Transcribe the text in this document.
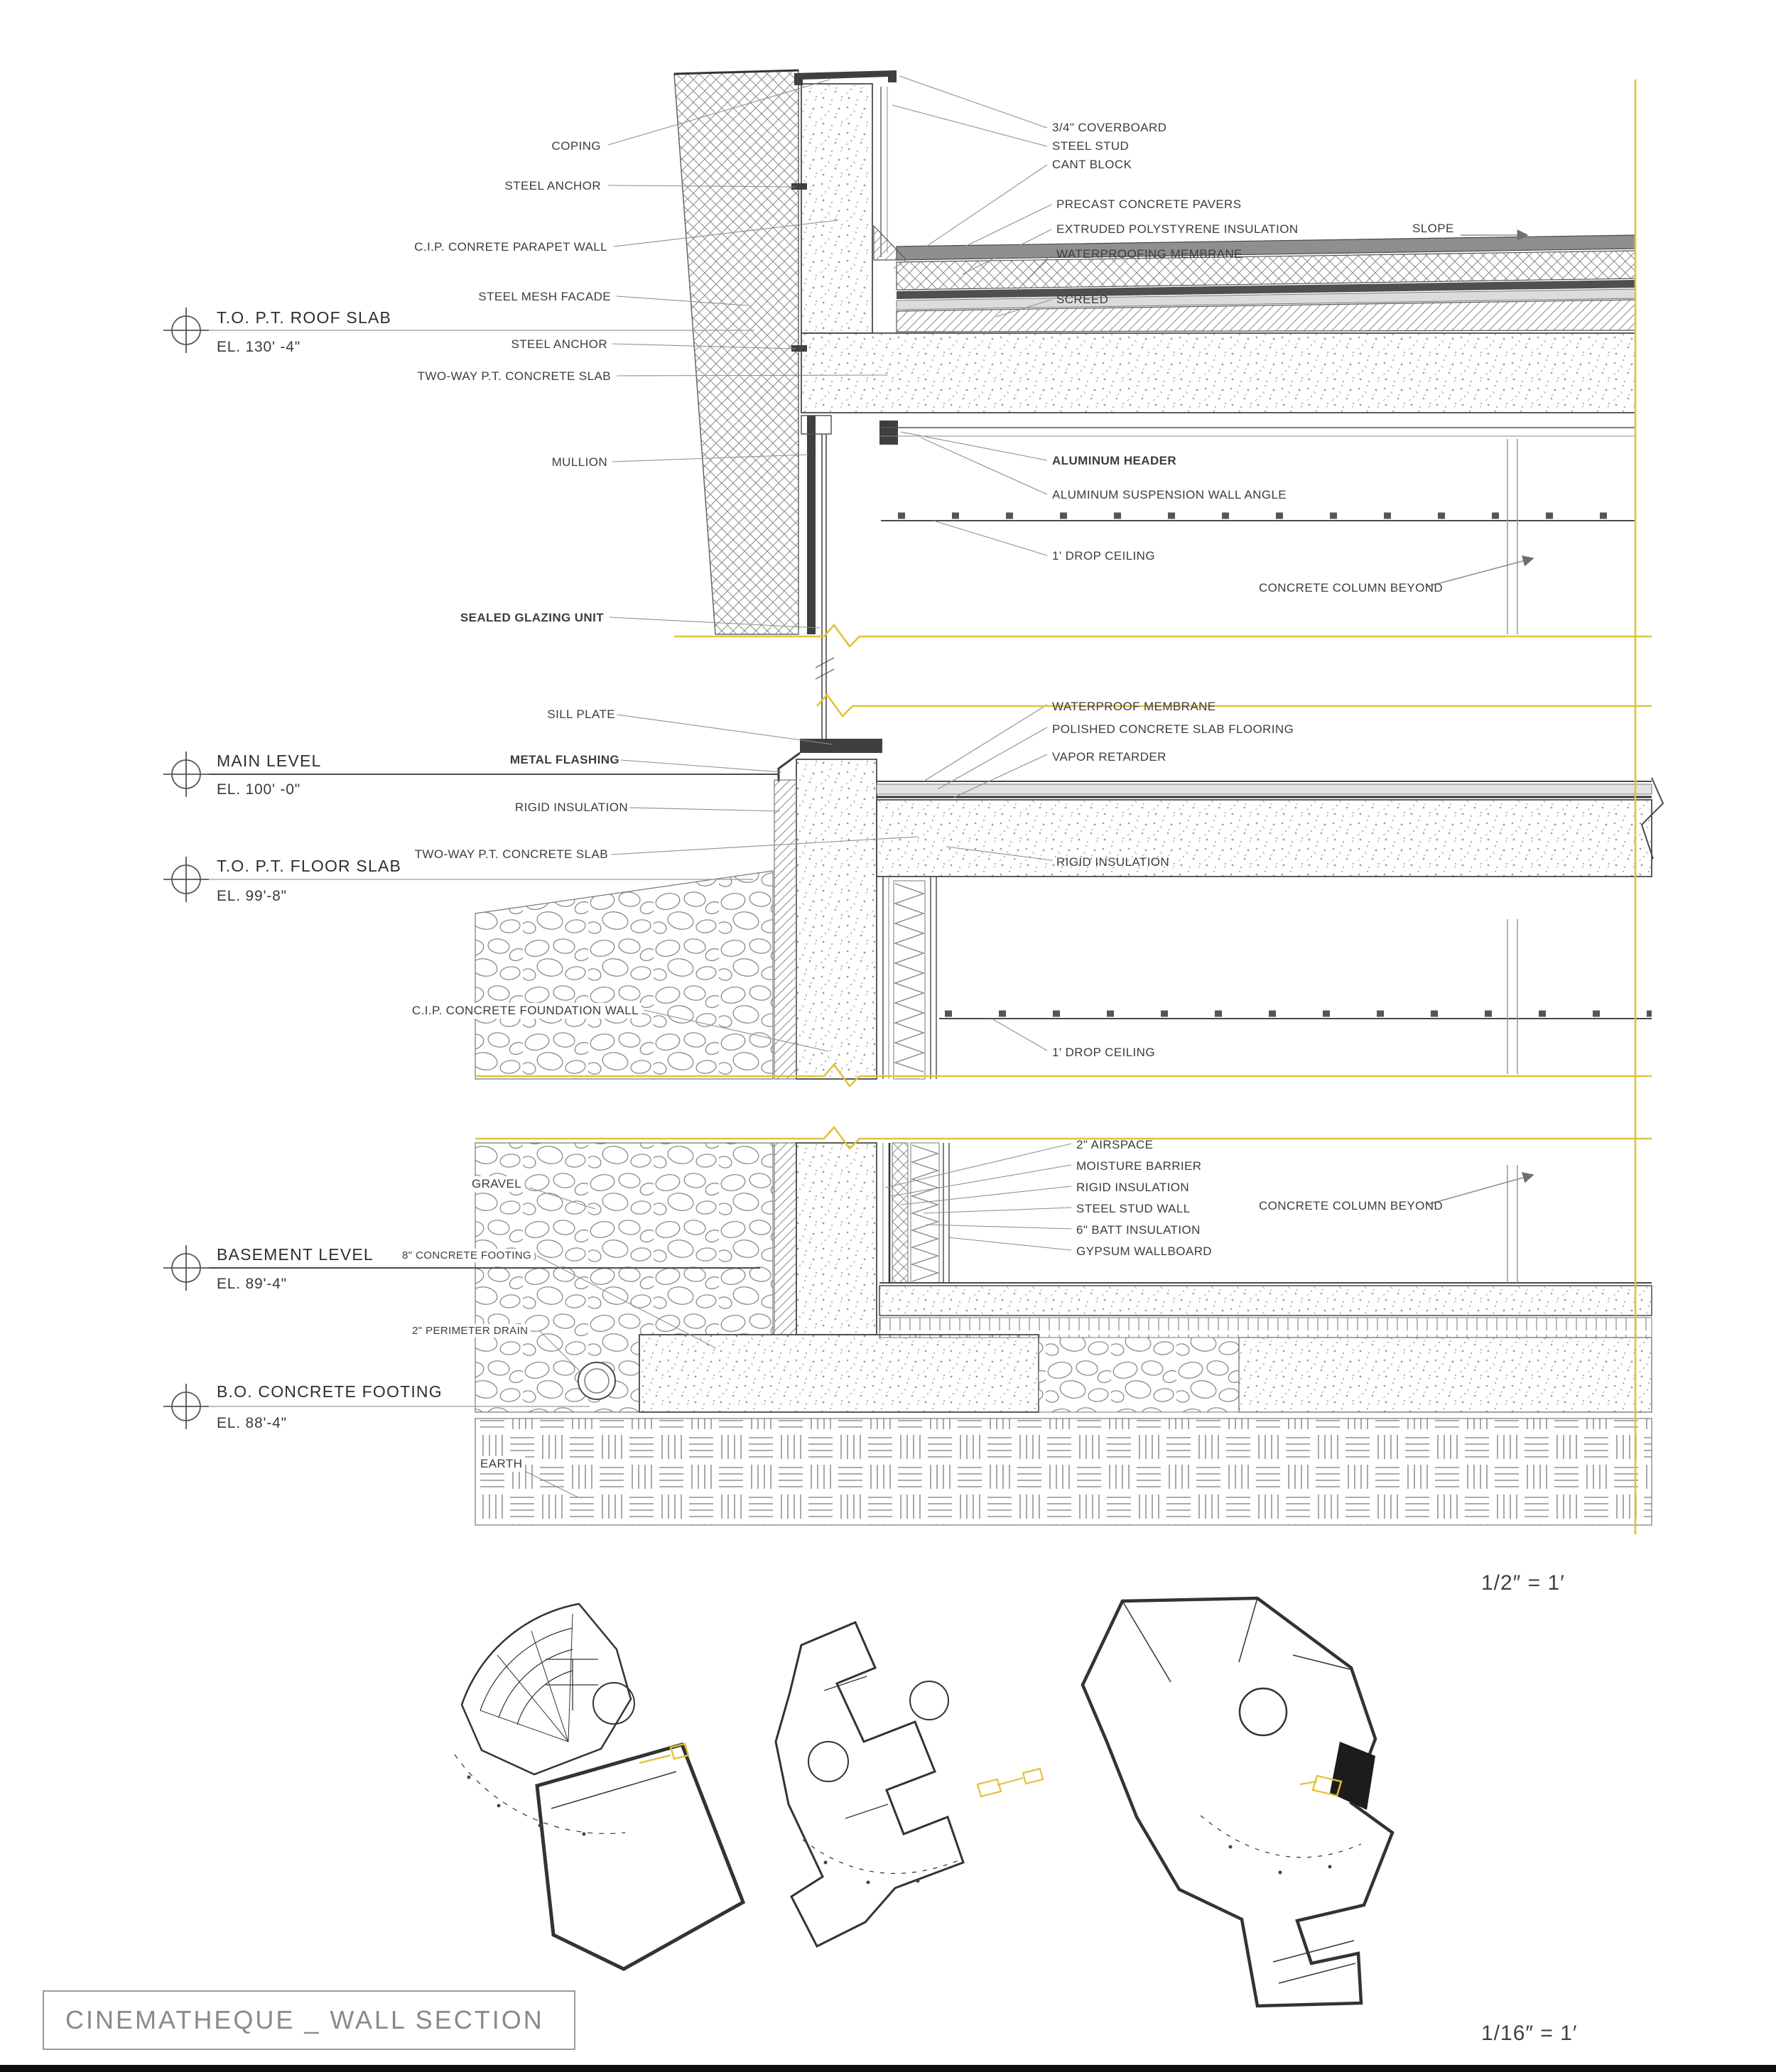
T.O. P.T. ROOF SLAB
EL. 130' -4"
MAIN LEVEL
EL. 100' -0"
T.O. P.T. FLOOR SLAB
EL. 99'-8"
BASEMENT LEVEL
EL. 89'-4"
B.O. CONCRETE FOOTING
EL. 88'-4"
COPING
STEEL ANCHOR
C.I.P. CONRETE PARAPET WALL
STEEL MESH FACADE
STEEL ANCHOR
TWO-WAY P.T. CONCRETE SLAB
MULLION
SEALED GLAZING UNIT
3/4" COVERBOARD
STEEL STUD
CANT BLOCK
PRECAST CONCRETE PAVERS
EXTRUDED POLYSTYRENE INSULATION
WATERPROOFING MEMBRANE
SCREED
SLOPE
ALUMINUM HEADER
ALUMINUM SUSPENSION WALL ANGLE
1' DROP CEILING
CONCRETE COLUMN BEYOND
SILL PLATE
METAL FLASHING
RIGID INSULATION
TWO-WAY P.T. CONCRETE SLAB
C.I.P. CONCRETE FOUNDATION WALL
WATERPROOF MEMBRANE
POLISHED CONCRETE SLAB FLOORING
VAPOR RETARDER
RIGID INSULATION
1' DROP CEILING
GRAVEL
8" CONCRETE FOOTING
2" PERIMETER DRAIN
EARTH
2" AIRSPACE
MOISTURE BARRIER
RIGID INSULATION
STEEL STUD WALL
6" BATT INSULATION
GYPSUM WALLBOARD
CONCRETE COLUMN BEYOND
1/2″ = 1′
1/16″ = 1′
CINEMATHEQUE _ WALL SECTION
